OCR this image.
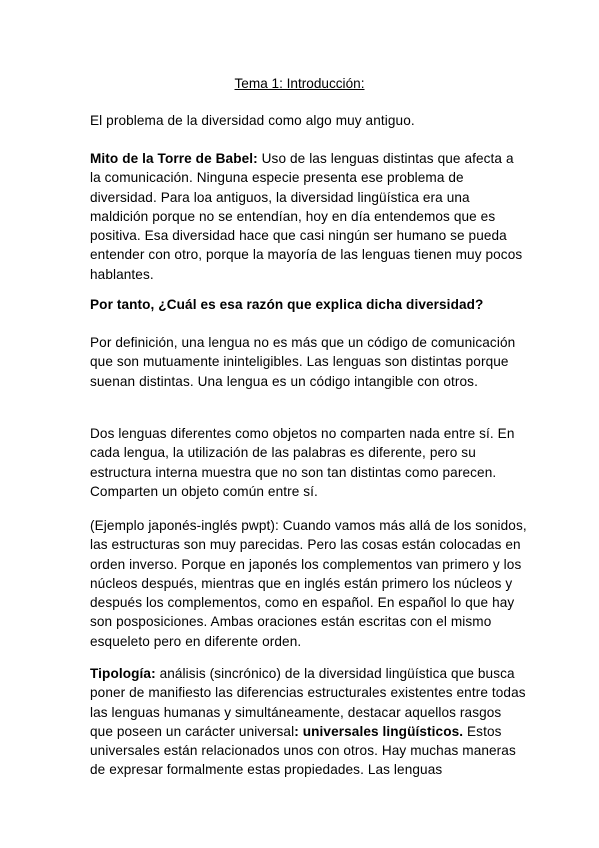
Tema 1: Introducción:

El problema de la diversidad como algo muy antiguo.

Mito de la Torre de Babel: Uso de las lenguas distintas que afecta a la comunicación. Ninguna especie presenta ese problema de diversidad. Para loa antiguos, la diversidad lingüística era una maldición porque no se entendían, hoy en día entendemos que es positiva. Esa diversidad hace que casi ningún ser humano se pueda entender con otro, porque la mayoría de las lenguas tienen muy pocos hablantes.

Por tanto, ¿Cuál es esa razón que explica dicha diversidad?

Por definición, una lengua no es más que un código de comunicación que son mutuamente ininteligibles. Las lenguas son distintas porque suenan distintas. Una lengua es un código intangible con otros.

Dos lenguas diferentes como objetos no comparten nada entre sí. En cada lengua, la utilización de las palabras es diferente, pero su estructura interna muestra que no son tan distintas como parecen. Comparten un objeto común entre sí.

(Ejemplo japonés-inglés pwpt): Cuando vamos más allá de los sonidos, las estructuras son muy parecidas. Pero las cosas están colocadas en orden inverso. Porque en japonés los complementos van primero y los núcleos después, mientras que en inglés están primero los núcleos y después los complementos, como en español. En español lo que hay son posposiciones. Ambas oraciones están escritas con el mismo esqueleto pero en diferente orden.

Tipología: análisis (sincrónico) de la diversidad lingüística que busca poner de manifiesto las diferencias estructurales existentes entre todas las lenguas humanas y simultáneamente, destacar aquellos rasgos que poseen un carácter universal: universales lingüísticos. Estos universales están relacionados unos con otros. Hay muchas maneras de expresar formalmente estas propiedades. Las lenguas
